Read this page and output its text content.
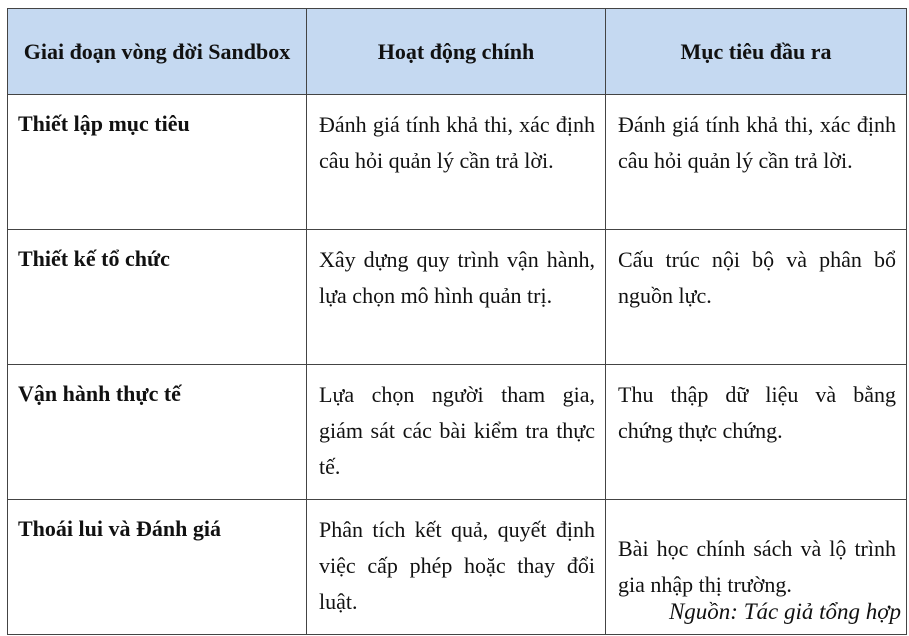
Giai đoạn vòng đời Sandbox	Hoạt động chính	Mục tiêu đầu ra
Thiết lập mục tiêu	Đánh giá tính khả thi, xác định câu hỏi quản lý cần trả lời.	Đánh giá tính khả thi, xác định câu hỏi quản lý cần trả lời.
Thiết kế tổ chức	Xây dựng quy trình vận hành, lựa chọn mô hình quản trị.	Cấu trúc nội bộ và phân bổ nguồn lực.
Vận hành thực tế	Lựa chọn người tham gia, giám sát các bài kiểm tra thực tế.	Thu thập dữ liệu và bằng chứng thực chứng.
Thoái lui và Đánh giá	Phân tích kết quả, quyết định việc cấp phép hoặc thay đổi luật.	Bài học chính sách và lộ trình gia nhập thị trường.
Nguồn: Tác giả tổng hợp
